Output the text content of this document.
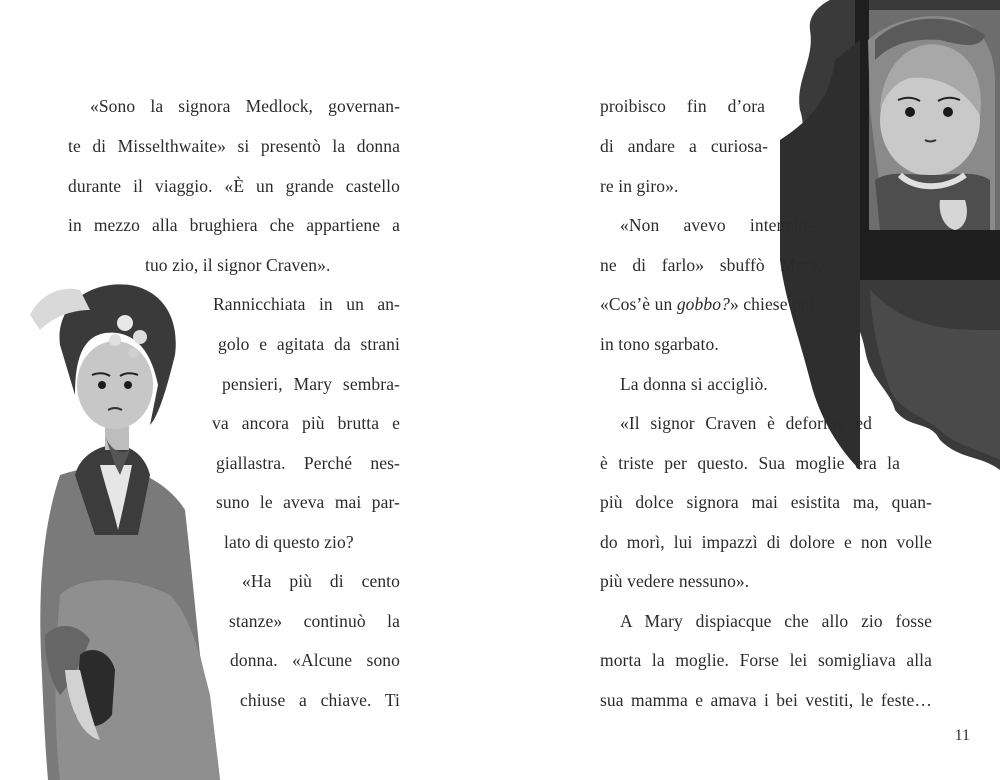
«Sono la signora Medlock, governan-
te di Misselthwaite» si presentò la donna
durante il viaggio. «È un grande castello
in mezzo alla brughiera che appartiene a
tuo zio, il signor Craven».
Rannicchiata in un an-
golo e agitata da strani
pensieri, Mary sembra-
va ancora più brutta e
giallastra. Perché nes-
suno le aveva mai par-
lato di questo zio?
«Ha più di cento
stanze» continuò la
donna. «Alcune sono
chiuse a chiave. Ti
proibisco fin d’ora
di andare a curiosa-
re in giro».
«Non avevo intenzio-
ne di farlo» sbuffò Mary.
«Cos’è un gobbo?» chiese poi
in tono sgarbato.
La donna si accigliò.
«Il signor Craven è deforme ed
è triste per questo. Sua moglie era la
più dolce signora mai esistita ma, quan-
do morì, lui impazzì di dolore e non volle
più vedere nessuno».
A Mary dispiacque che allo zio fosse
morta la moglie. Forse lei somigliava alla
sua mamma e amava i bei vestiti, le feste…
11
